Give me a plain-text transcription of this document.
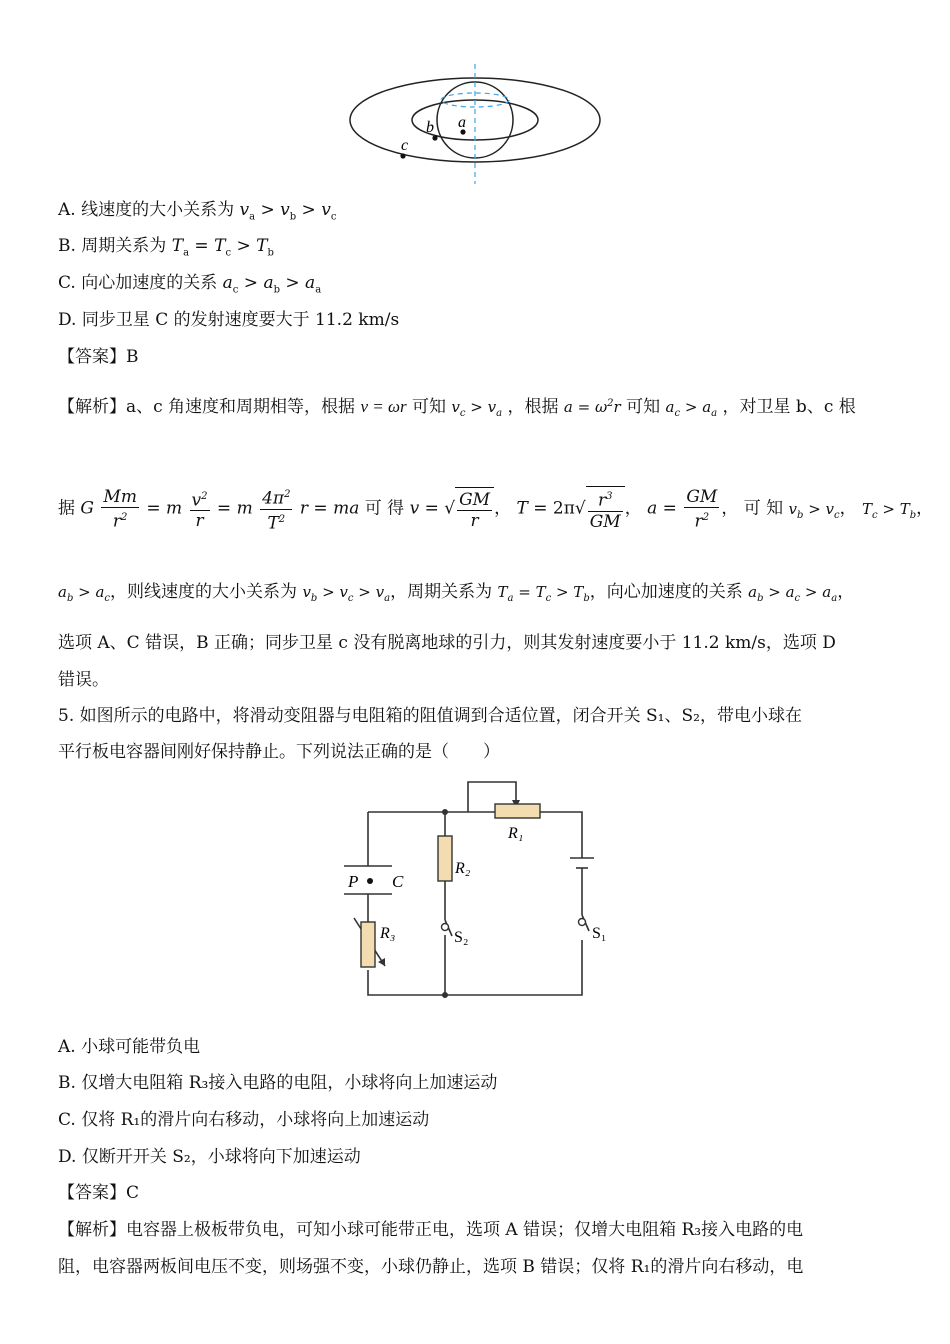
a
b
c
A. 线速度的大小关系为 $v_a > v_b > v_c$
B. 周期关系为 $T_a = T_c > T_b$
C. 向心加速度的关系 $a_c > a_b > a_a$
D. 同步卫星 C 的发射速度要大于 11.2 km/s
【答案】B
【解析】a、c 角速度和周期相等，根据 v = ωr 可知 $v_c > v_a$ ，根据 $a = \omega^2r$ 可知 $a_c > a_a$ ，对卫星 b、c 根
据 G $\frac{Mm}{r^2} = m \frac{v^2}{r} = m \frac{4\pi^2}{T^2}$ r = ma 可 得 v = √ $\frac{GM}{r}$ ， $T = 2\pi√ \frac{r^3}{GM}$ ， $a = \frac{GM}{r^2}$ ， 可 知 $v_b > v_c$， $T_c > T_b$，
$a_b > a_c$，则线速度的大小关系为 $v_b > v_c > v_a$，周期关系为 $T_a = T_c > T_b$，向心加速度的关系 $a_b > a_c > a_a$，
选项 A、C 错误，B 正确；同步卫星 c 没有脱离地球的引力，则其发射速度要小于 11.2 km/s，选项 D
错误。
5. 如图所示的电路中，将滑动变阻器与电阻箱的阻值调到合适位置，闭合开关 S₁、S₂，带电小球在
平行板电容器间刚好保持静止。下列说法正确的是（　　）
R₁
R₂
R₃	S₂	S₁
P C
A. 小球可能带负电
B. 仅增大电阻箱 R₃接入电路的电阻，小球将向上加速运动
C. 仅将 R₁的滑片向右移动，小球将向上加速运动
D. 仅断开开关 S₂，小球将向下加速运动
【答案】C
【解析】电容器上极板带负电，可知小球可能带正电，选项 A 错误；仅增大电阻箱 R₃接入电路的电
阻，电容器两板间电压不变，则场强不变，小球仍静止，选项 B 错误；仅将 R₁的滑片向右移动，电
